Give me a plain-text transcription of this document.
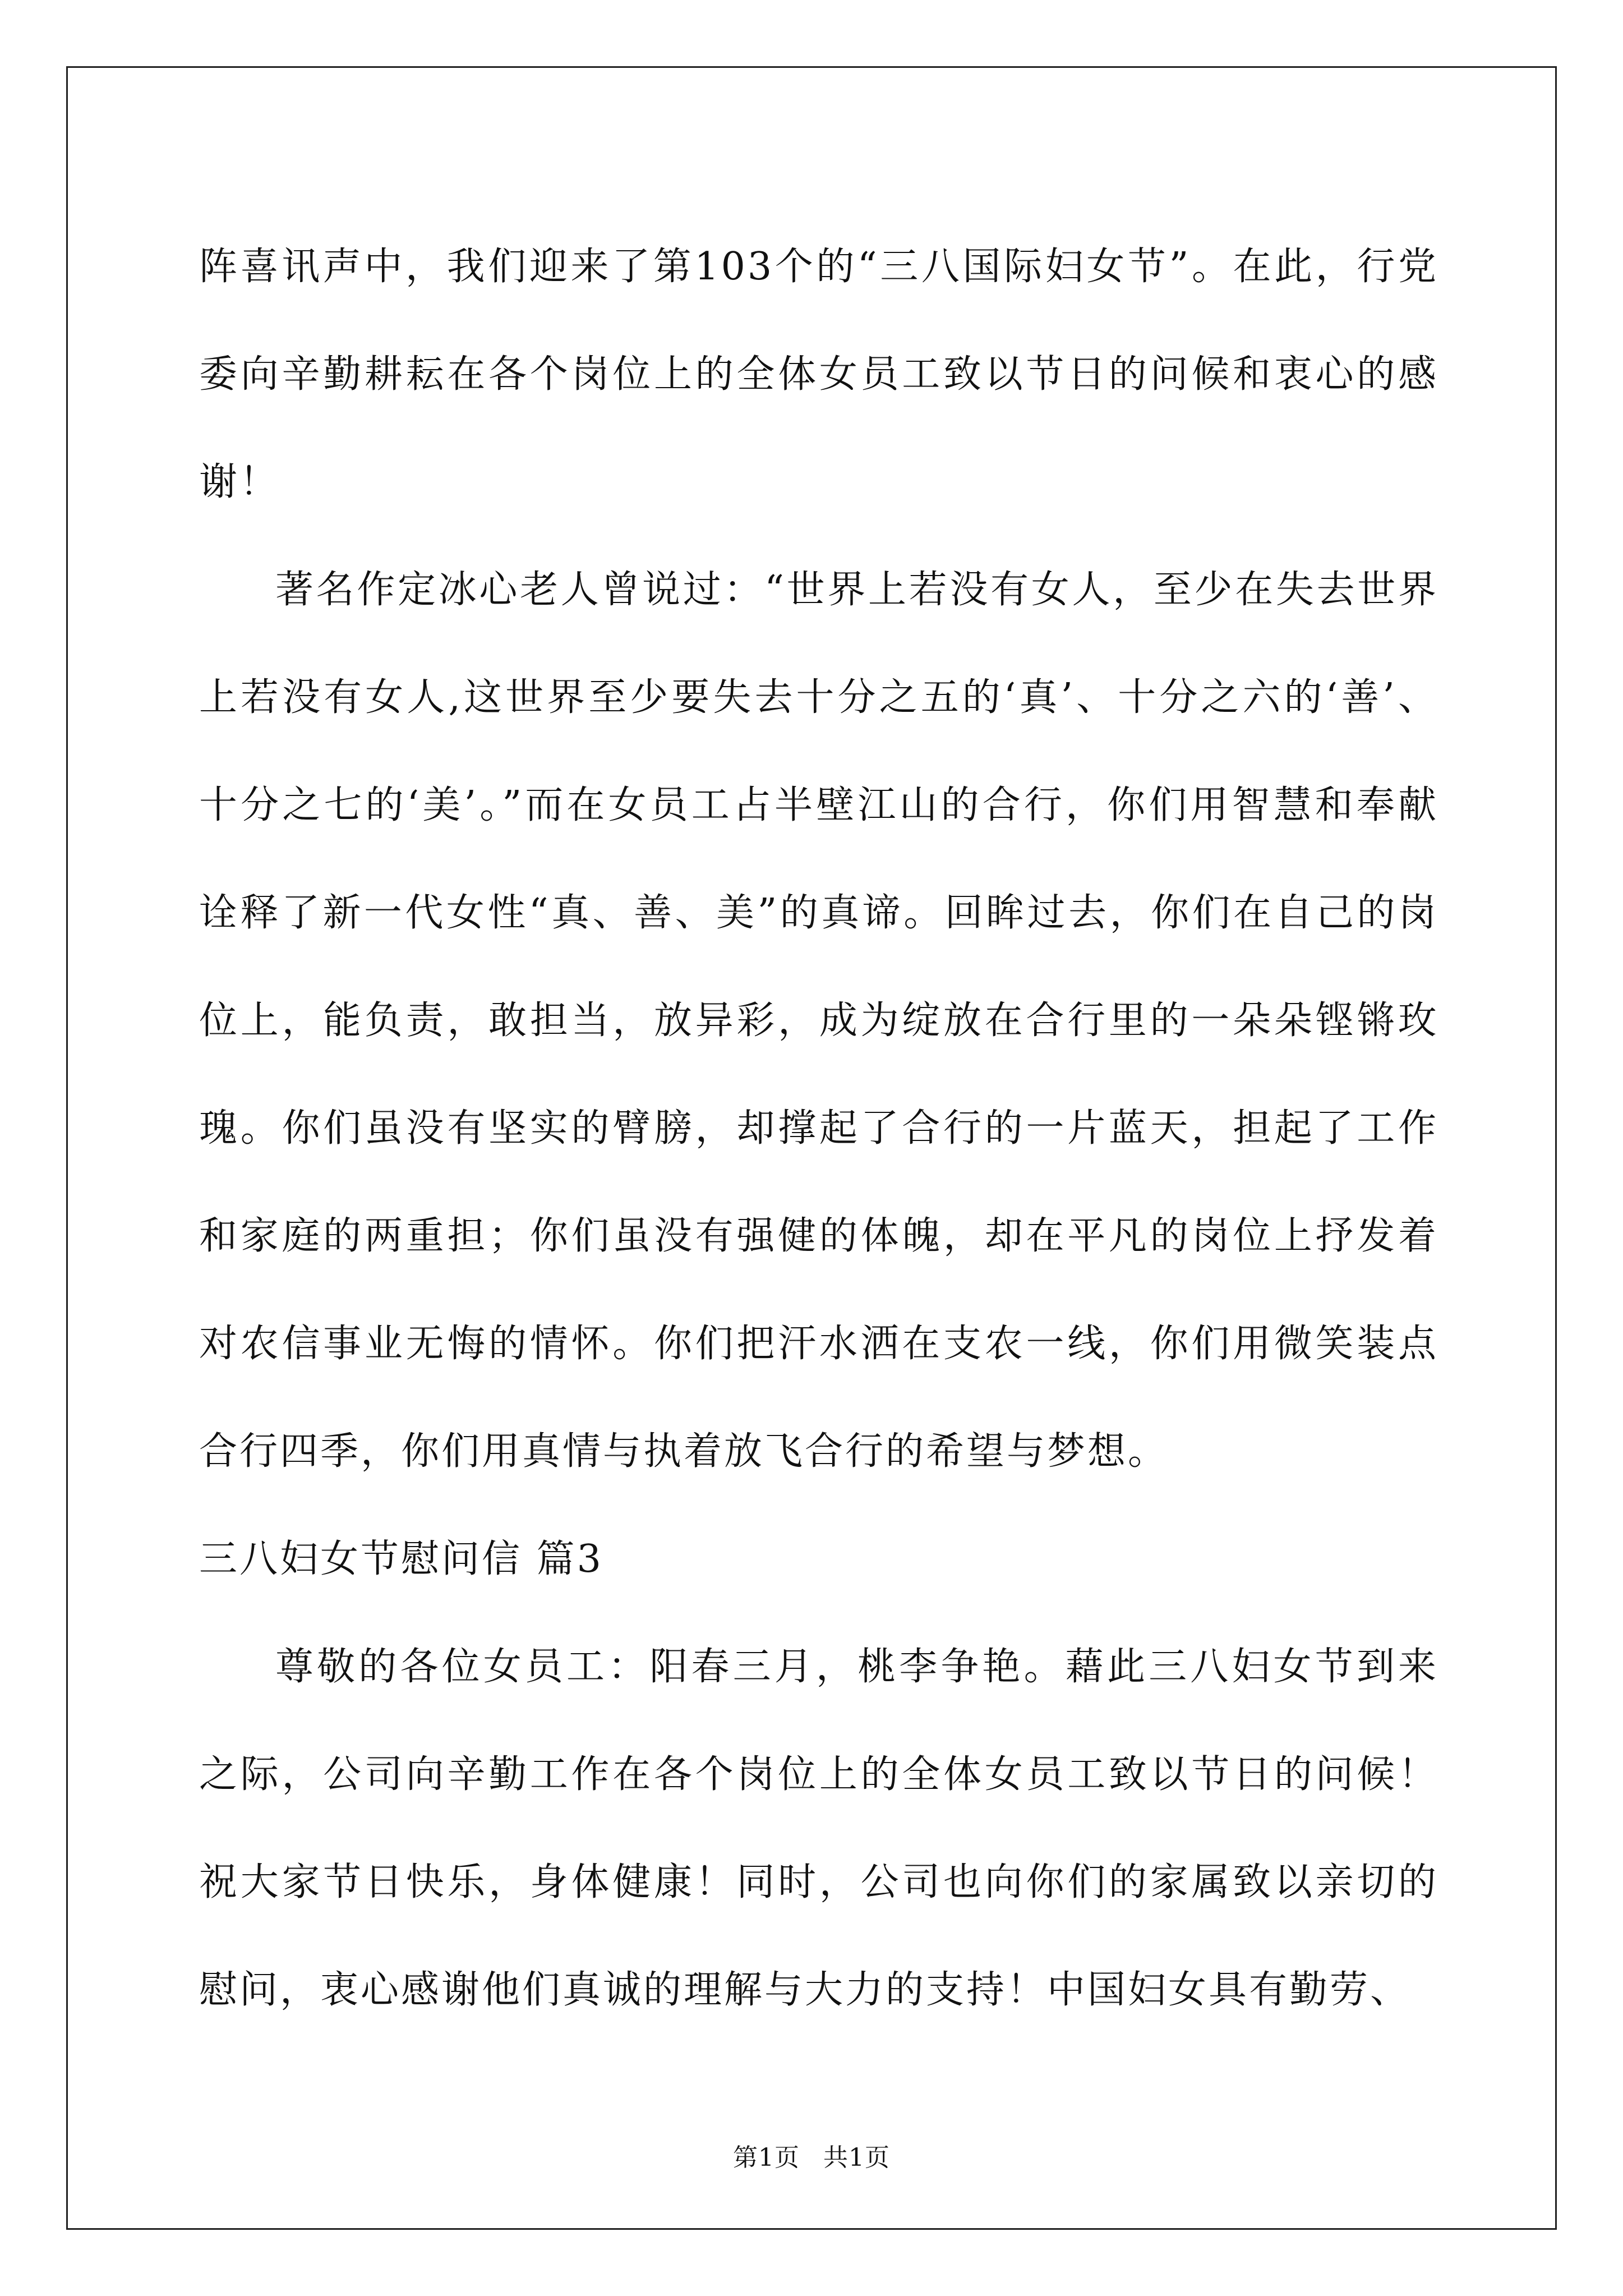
阵喜讯声中，我们迎来了第103个的“三八国际妇女节”。在此，行党委向辛勤耕耘在各个岗位上的全体女员工致以节日的问候和衷心的感谢！

著名作定冰心老人曾说过：“世界上若没有女人，至少在失去世界上若没有女人,这世界至少要失去十分之五的‘真’、十分之六的‘善’、十分之七的‘美’。”而在女员工占半壁江山的合行，你们用智慧和奉献诠释了新一代女性“真、善、美”的真谛。回眸过去，你们在自己的岗位上，能负责，敢担当，放异彩，成为绽放在合行里的一朵朵铿锵玫瑰。你们虽没有坚实的臂膀，却撑起了合行的一片蓝天，担起了工作和家庭的两重担；你们虽没有强健的体魄，却在平凡的岗位上抒发着对农信事业无悔的情怀。你们把汗水洒在支农一线，你们用微笑装点合行四季，你们用真情与执着放飞合行的希望与梦想。

三八妇女节慰问信 篇3

尊敬的各位女员工：阳春三月，桃李争艳。藉此三八妇女节到来之际，公司向辛勤工作在各个岗位上的全体女员工致以节日的问候！祝大家节日快乐，身体健康！同时，公司也向你们的家属致以亲切的慰问，衷心感谢他们真诚的理解与大力的支持！中国妇女具有勤劳、

第1页 共1页
